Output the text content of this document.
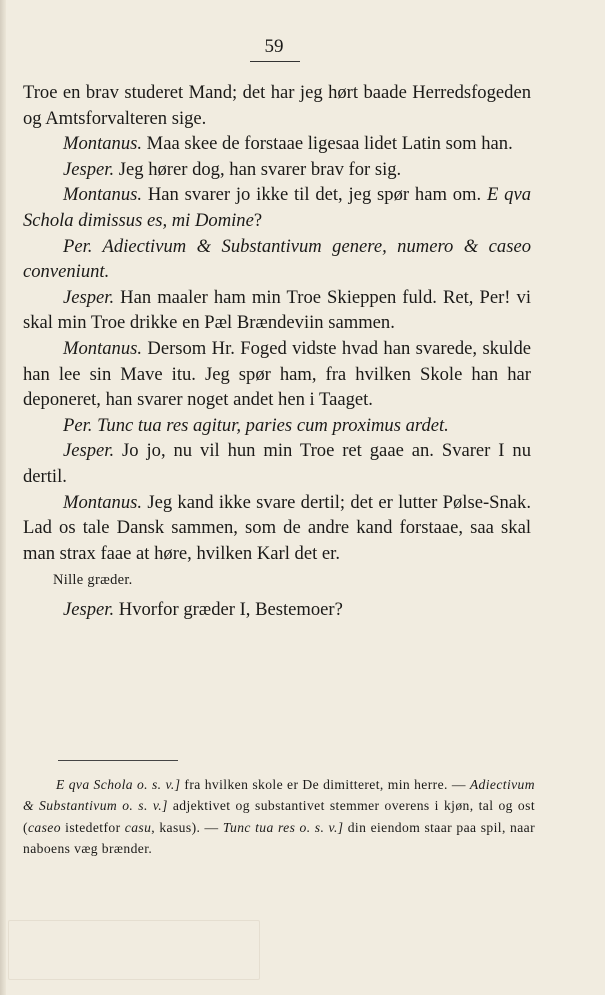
59

Troe en brav studeret Mand; det har jeg hørt baade Herredsfogeden og Amtsforvalteren sige.

Montanus. Maa skee de forstaae ligesaa lidet Latin som han.

Jesper. Jeg hører dog, han svarer brav for sig.

Montanus. Han svarer jo ikke til det, jeg spør ham om. E qva Schola dimissus es, mi Domine?

Per. Adiectivum & Substantivum genere, numero & caseo conveniunt.

Jesper. Han maaler ham min Troe Skieppen fuld. Ret, Per! vi skal min Troe drikke en Pæl Brændeviin sammen.

Montanus. Dersom Hr. Foged vidste hvad han svarede, skulde han lee sin Mave itu. Jeg spør ham, fra hvilken Skole han har deponeret, han svarer noget andet hen i Taaget.

Per. Tunc tua res agitur, paries cum proximus ardet.

Jesper. Jo jo, nu vil hun min Troe ret gaae an. Svarer I nu dertil.

Montanus. Jeg kand ikke svare dertil; det er lutter Pølse-Snak. Lad os tale Dansk sammen, som de andre kand forstaae, saa skal man strax faae at høre, hvilken Karl det er.

Nille græder.

Jesper. Hvorfor græder I, Bestemoer?

E qva Schola o. s. v.] fra hvilken skole er De dimitteret, min herre. — Adiectivum & Substantivum o. s. v.] adjektivet og substantivet stemmer overens i kjøn, tal og ost (caseo istedetfor casu, kasus). — Tunc tua res o. s. v.] din eiendom staar paa spil, naar naboens væg brænder.
